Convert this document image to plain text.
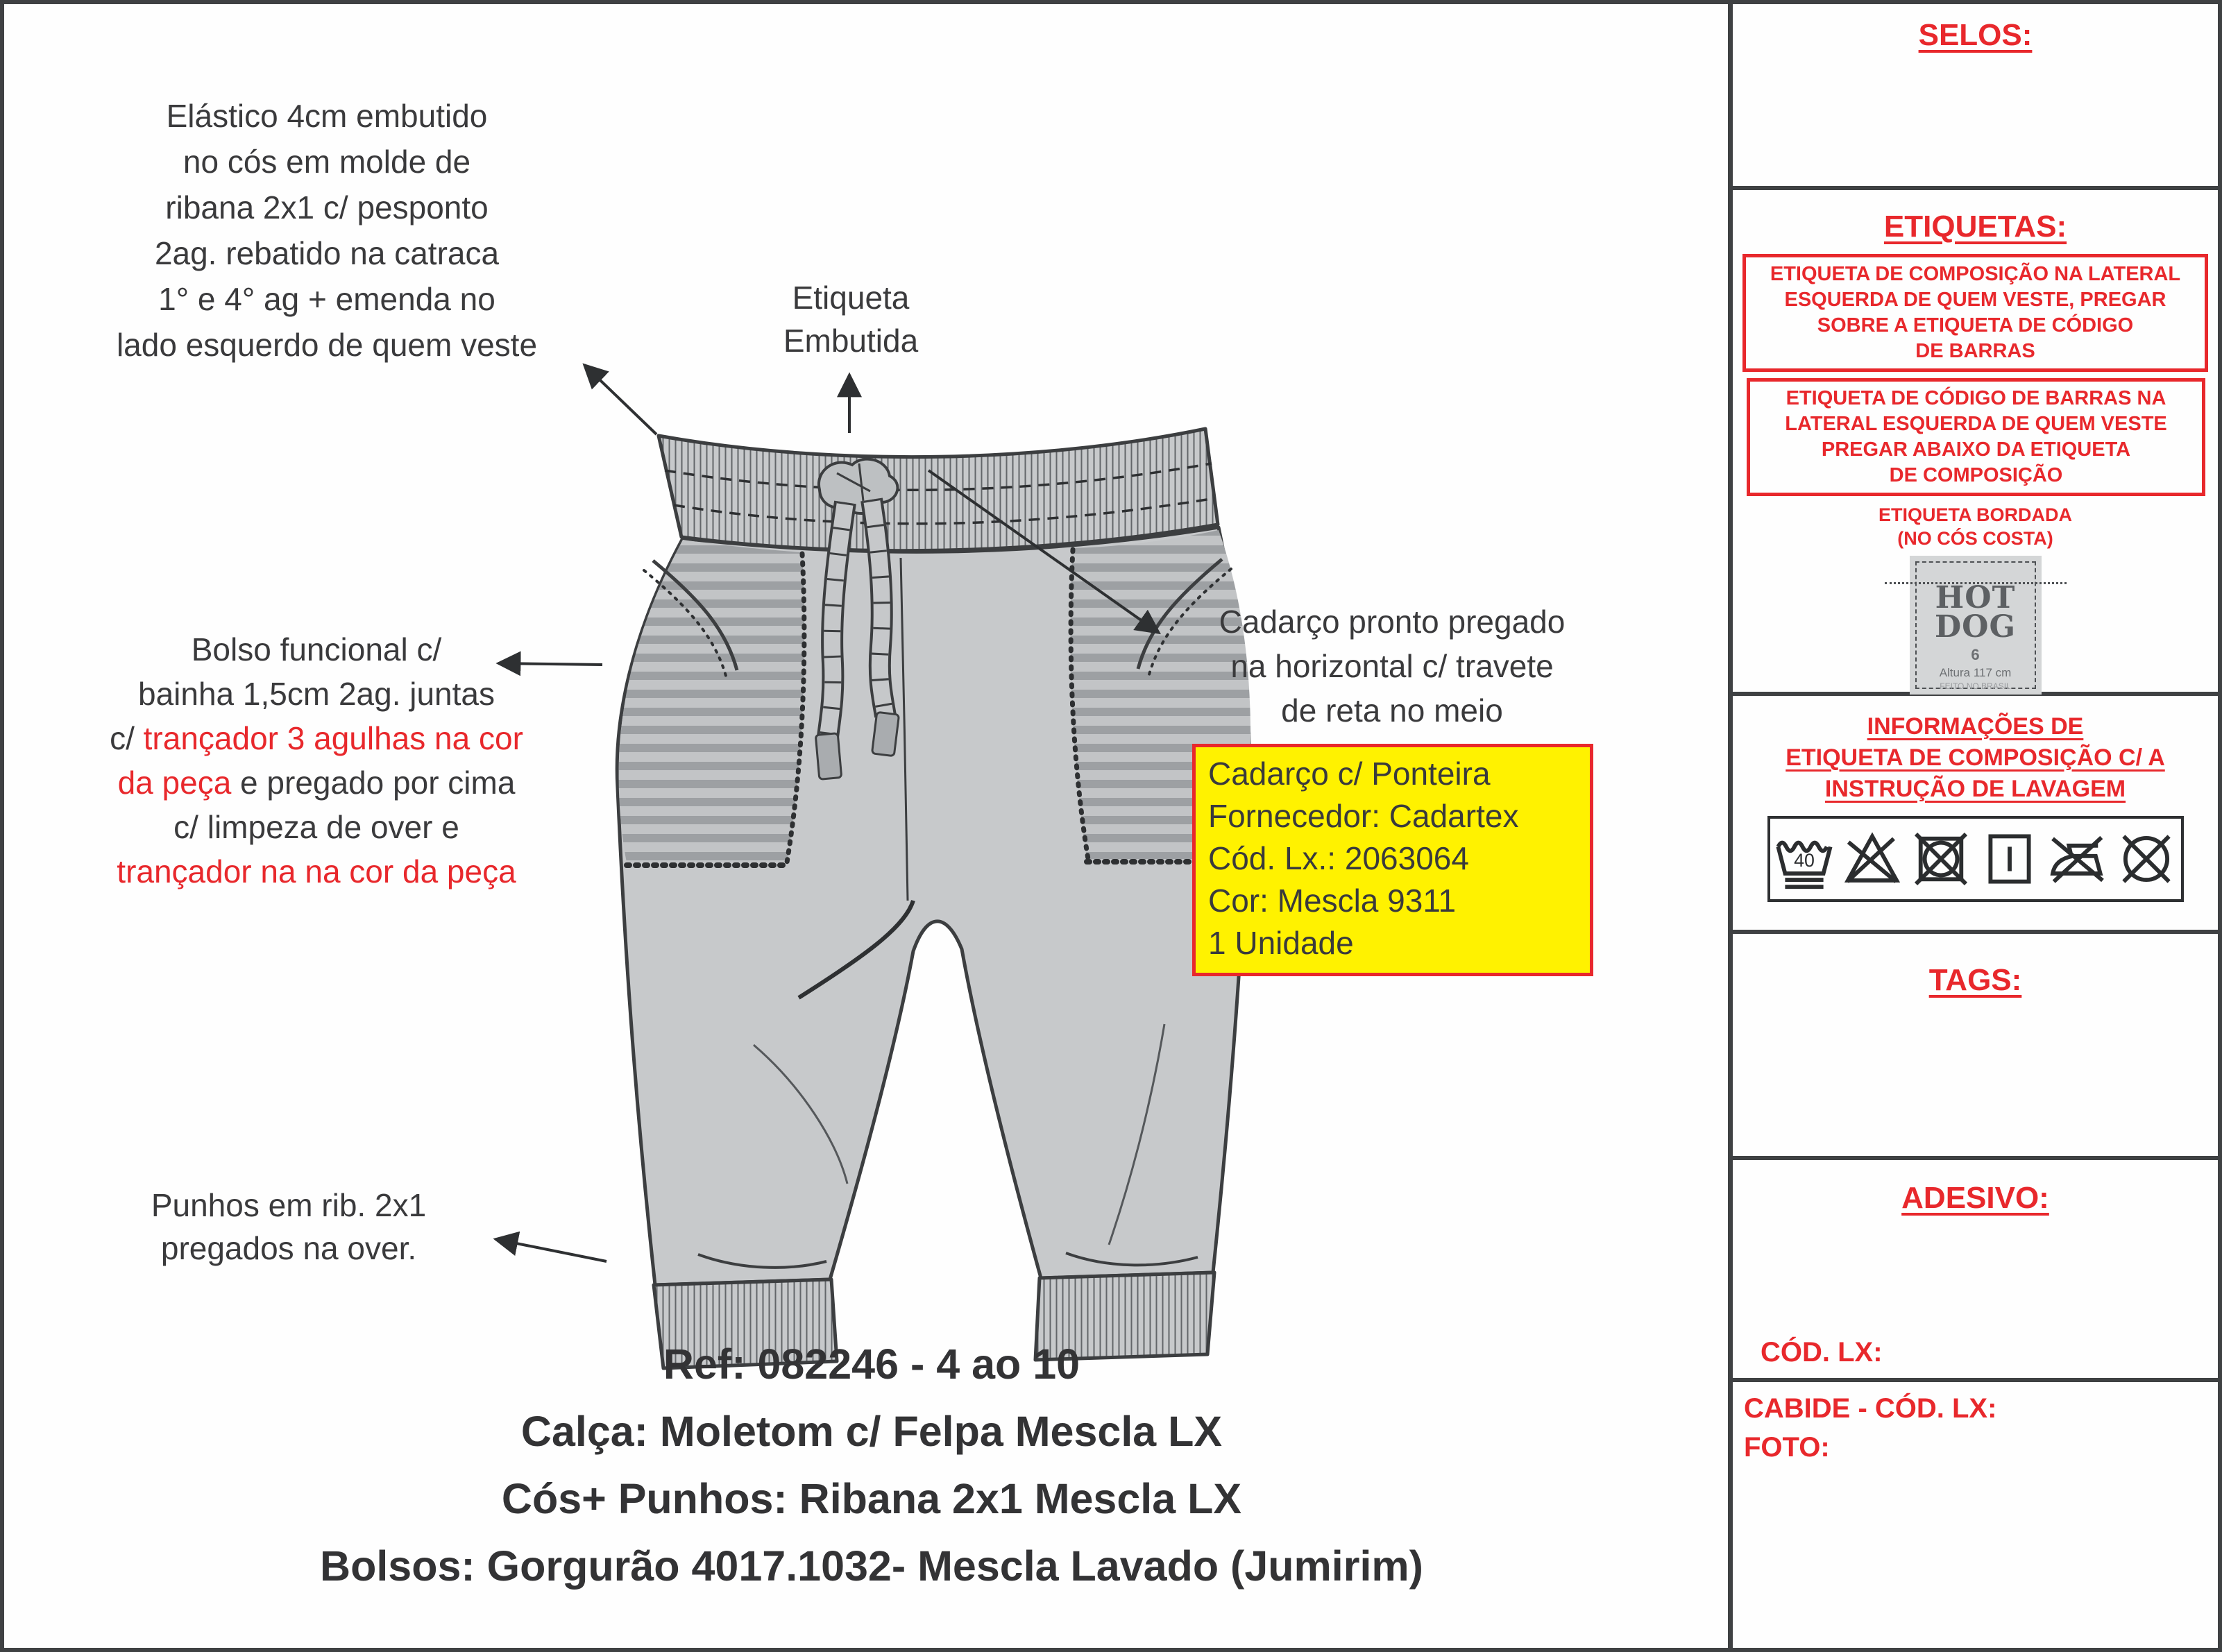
Elástico 4cm embutido
no cós em molde de
ribana 2x1 c/ pesponto
2ag. rebatido na catraca
1° e 4° ag + emenda no
lado esquerdo de quem veste
Etiqueta
Embutida
Bolso funcional c/
bainha 1,5cm 2ag. juntas
c/ trançador 3 agulhas na cor
da peça e pregado por cima
c/ limpeza de over e
trançador na na cor da peça
Cadarço pronto pregado
na horizontal c/ travete
de reta no meio
Cadarço c/ Ponteira
Fornecedor: Cadartex
Cód. Lx.: 2063064
Cor: Mescla 9311
1 Unidade
Punhos em rib. 2x1
pregados na over.
Ref: 082246 - 4 ao 10
Calça: Moletom c/ Felpa Mescla LX
Cós+ Punhos: Ribana 2x1 Mescla LX
Bolsos: Gorgurão 4017.1032- Mescla Lavado (Jumirim)
SELOS:
ETIQUETAS:
ETIQUETA DE COMPOSIÇÃO NA LATERAL
ESQUERDA DE QUEM VESTE, PREGAR
SOBRE A ETIQUETA DE CÓDIGO
DE BARRAS
ETIQUETA DE CÓDIGO DE BARRAS NA
LATERAL ESQUERDA DE QUEM VESTE
PREGAR ABAIXO DA ETIQUETA
DE COMPOSIÇÃO
ETIQUETA BORDADA
(NO CÓS COSTA)
HOT
DOG
6
Altura 117 cm
FEITO NO BRASIL
INFORMAÇÕES DE
ETIQUETA DE COMPOSIÇÃO C/ A
INSTRUÇÃO DE LAVAGEM
40
TAGS:
ADESIVO:
CÓD. LX:
CABIDE - CÓD. LX:
FOTO:
